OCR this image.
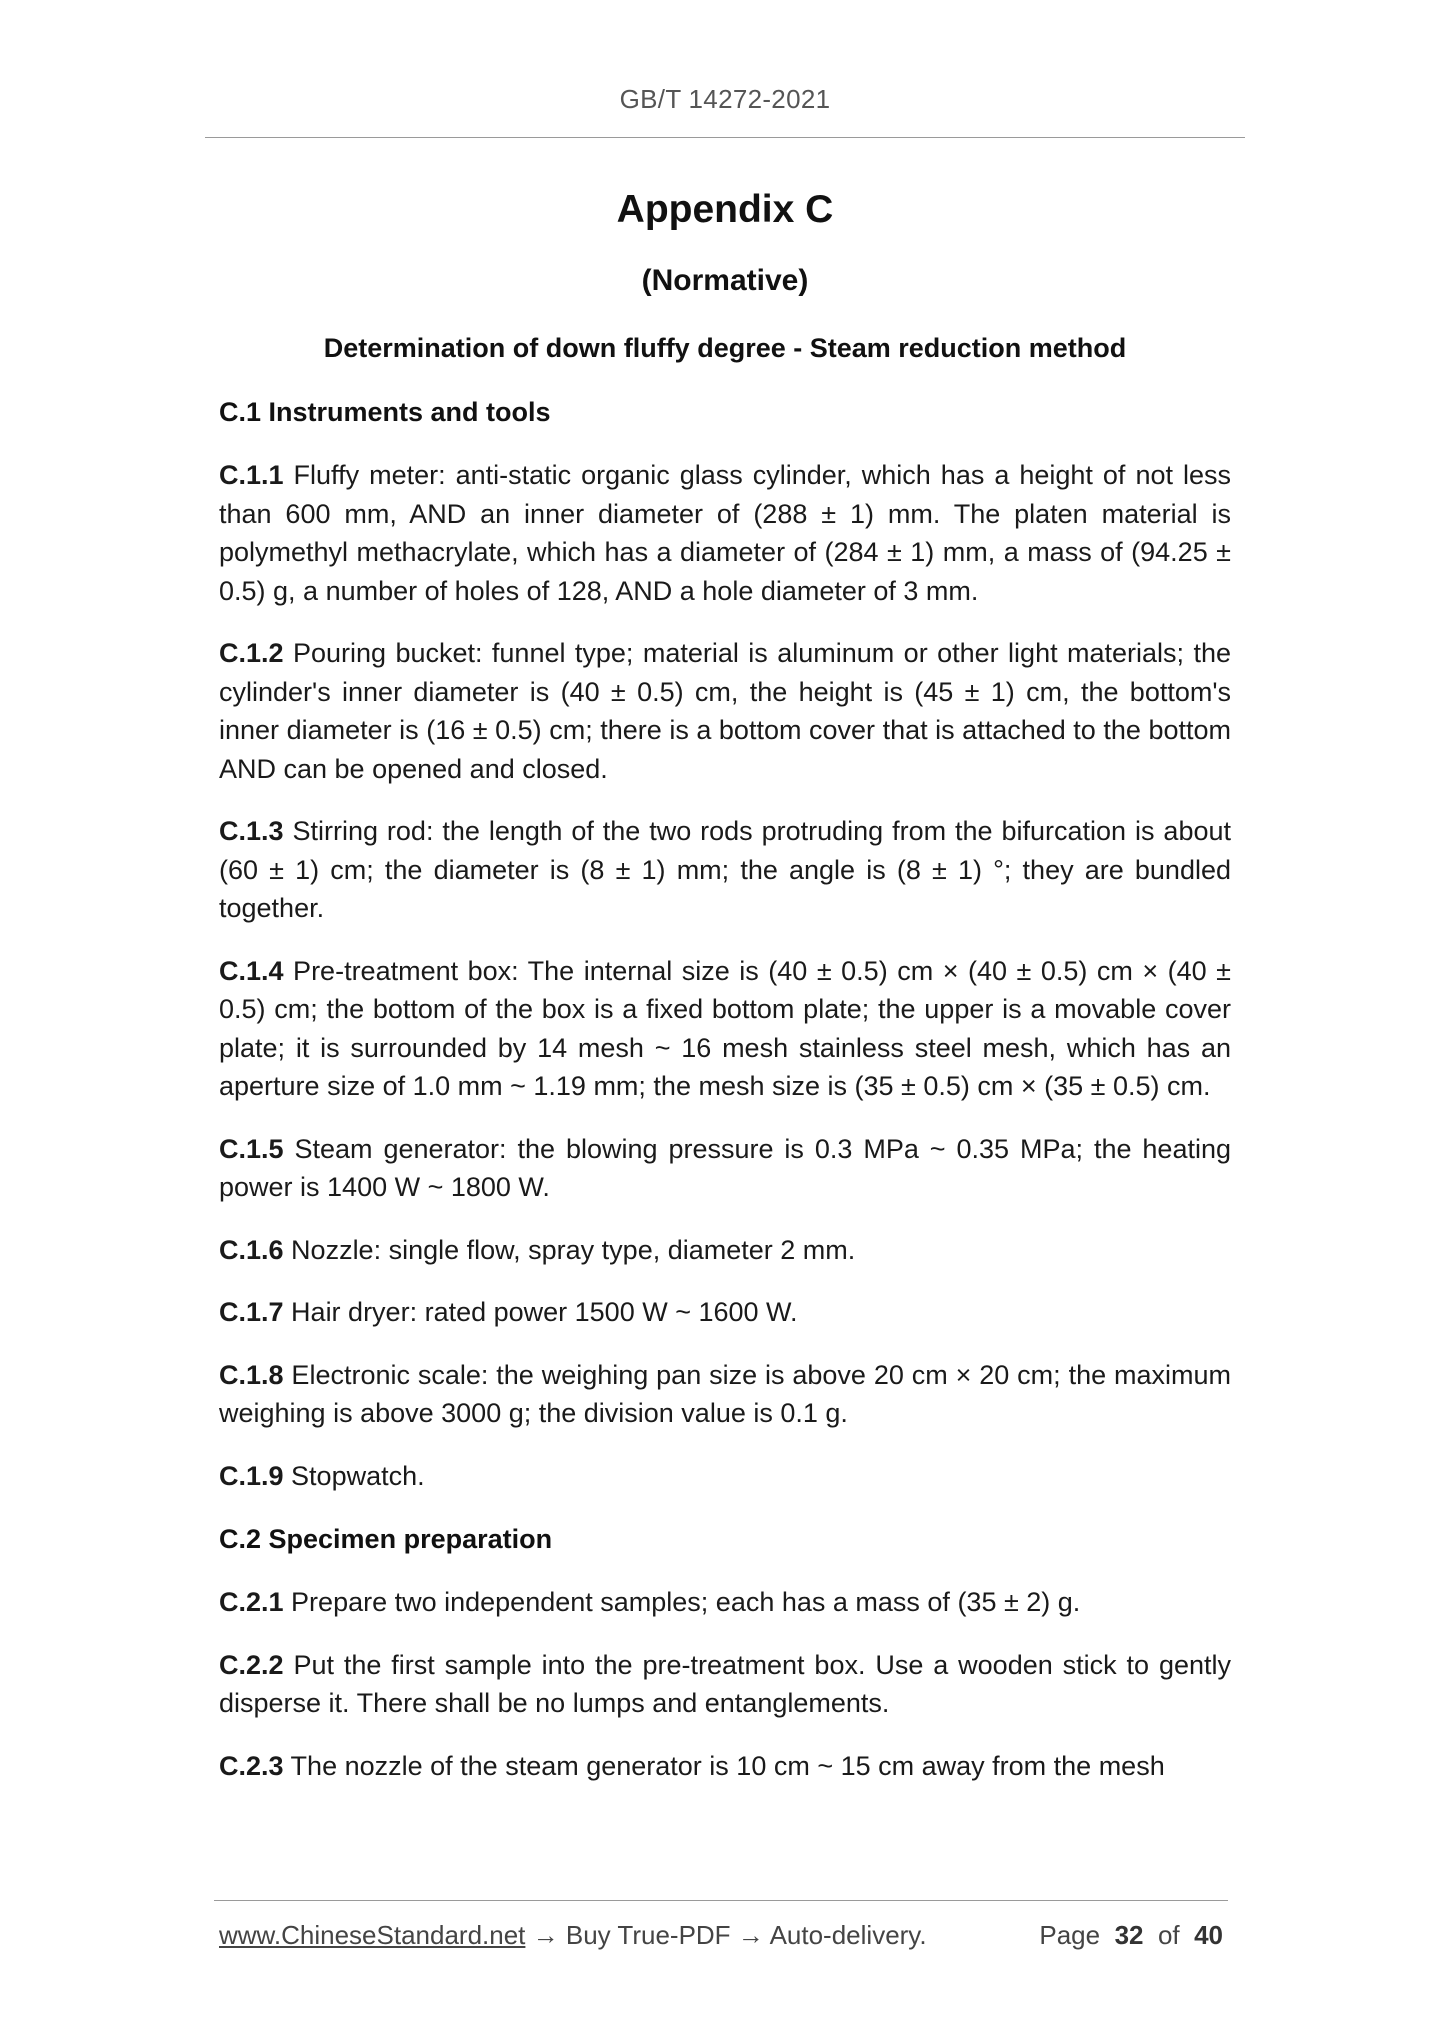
GB/T 14272-2021
Appendix C
(Normative)
Determination of down fluffy degree - Steam reduction method
C.1 Instruments and tools

C.1.1 Fluffy meter: anti-static organic glass cylinder, which has a height of not less than 600 mm, AND an inner diameter of (288 ± 1) mm. The platen material is polymethyl methacrylate, which has a diameter of (284 ± 1) mm, a mass of (94.25 ± 0.5) g, a number of holes of 128, AND a hole diameter of 3 mm.

C.1.2 Pouring bucket: funnel type; material is aluminum or other light materials; the cylinder's inner diameter is (40 ± 0.5) cm, the height is (45 ± 1) cm, the bottom's inner diameter is (16 ± 0.5) cm; there is a bottom cover that is attached to the bottom AND can be opened and closed.

C.1.3 Stirring rod: the length of the two rods protruding from the bifurcation is about (60 ± 1) cm; the diameter is (8 ± 1) mm; the angle is (8 ± 1) °; they are bundled together.

C.1.4 Pre-treatment box: The internal size is (40 ± 0.5) cm × (40 ± 0.5) cm × (40 ± 0.5) cm; the bottom of the box is a fixed bottom plate; the upper is a movable cover plate; it is surrounded by 14 mesh ~ 16 mesh stainless steel mesh, which has an aperture size of 1.0 mm ~ 1.19 mm; the mesh size is (35 ± 0.5) cm × (35 ± 0.5) cm.

C.1.5 Steam generator: the blowing pressure is 0.3 MPa ~ 0.35 MPa; the heating power is 1400 W ~ 1800 W.

C.1.6 Nozzle: single flow, spray type, diameter 2 mm.

C.1.7 Hair dryer: rated power 1500 W ~ 1600 W.

C.1.8 Electronic scale: the weighing pan size is above 20 cm × 20 cm; the maximum weighing is above 3000 g; the division value is 0.1 g.

C.1.9 Stopwatch.

C.2 Specimen preparation

C.2.1 Prepare two independent samples; each has a mass of (35 ± 2) g.

C.2.2 Put the first sample into the pre-treatment box. Use a wooden stick to gently disperse it. There shall be no lumps and entanglements.

C.2.3 The nozzle of the steam generator is 10 cm ~ 15 cm away from the mesh

www.ChineseStandard.net → Buy True-PDF → Auto-delivery.	Page 32 of 40
